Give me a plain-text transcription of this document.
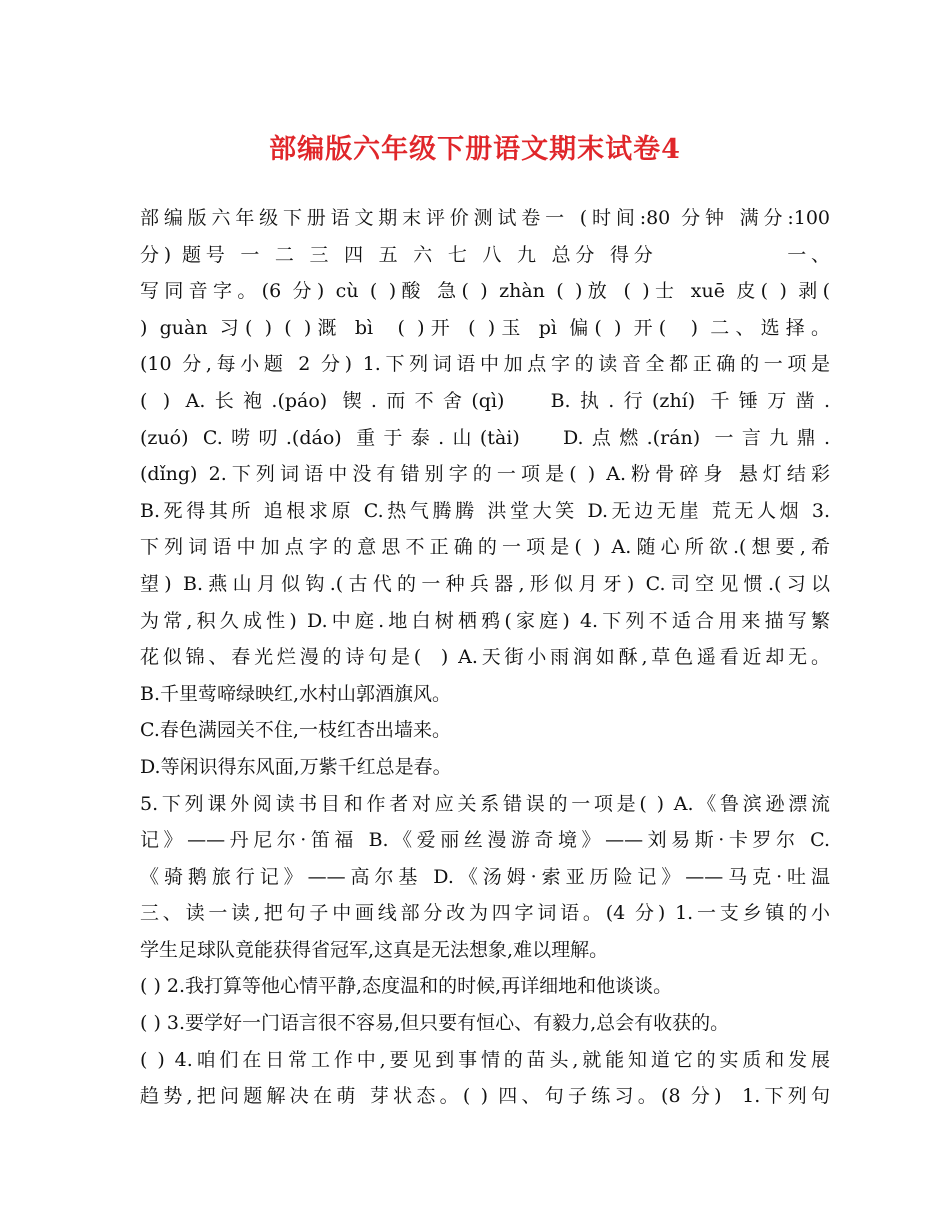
部编版六年级下册语文期末试卷4
部编版六年级下册语文期末评价测试卷一 (时间:80 分钟 满分:100
分) 题号 一 二 三 四 五 六 七 八 九 总分 得分            一、
写同音字。(6 分) cù ( )酸 急( ) zhàn ( )放 ( )士 xuē 皮( ) 剥(
) guàn 习( ) ( )溉 bì  ( )开 ( )玉 pì 偏( ) 开(  ) 二、选择。
(10 分,每小题 2 分) 1.下列词语中加点字的读音全都正确的一项是
( ) A.长袍.(páo) 锲.而不舍(qì)   B.执.行(zhí) 千锤万凿.
(zuó) C.唠叨.(dáo) 重于泰.山(tài)   D.点燃.(rán) 一言九鼎.
(dǐng) 2.下列词语中没有错别字的一项是( ) A.粉骨碎身 悬灯结彩
B.死得其所 追根求原 C.热气腾腾 洪堂大笑 D.无边无崖 荒无人烟 3.
下列词语中加点字的意思不正确的一项是( ) A.随心所欲.(想要,希
望) B.燕山月似钩.(古代的一种兵器,形似月牙) C.司空见惯.(习以
为常,积久成性) D.中庭.地白树栖鸦(家庭) 4.下列不适合用来描写繁
花似锦、春光烂漫的诗句是(  ) A.天街小雨润如酥,草色遥看近却无。
B.千里莺啼绿映红,水村山郭酒旗风。
C.春色满园关不住,一枝红杏出墙来。
D.等闲识得东风面,万紫千红总是春。
5.下列课外阅读书目和作者对应关系错误的一项是( ) A.《鲁滨逊漂流
记》——丹尼尔·笛福 B.《爱丽丝漫游奇境》——刘易斯·卡罗尔 C.
《骑鹅旅行记》——高尔基 D.《汤姆·索亚历险记》——马克·吐温
三、读一读,把句子中画线部分改为四字词语。(4 分) 1.一支乡镇的小
学生足球队竟能获得省冠军,这真是无法想象,难以理解。
( ) 2.我打算等他心情平静,态度温和的时候,再详细地和他谈谈。
( ) 3.要学好一门语言很不容易,但只要有恒心、有毅力,总会有收获的。
( ) 4.咱们在日常工作中,要见到事情的苗头,就能知道它的实质和发展
趋势,把问题解决在萌 芽状态。( ) 四、句子练习。(8 分)  1.下列句
